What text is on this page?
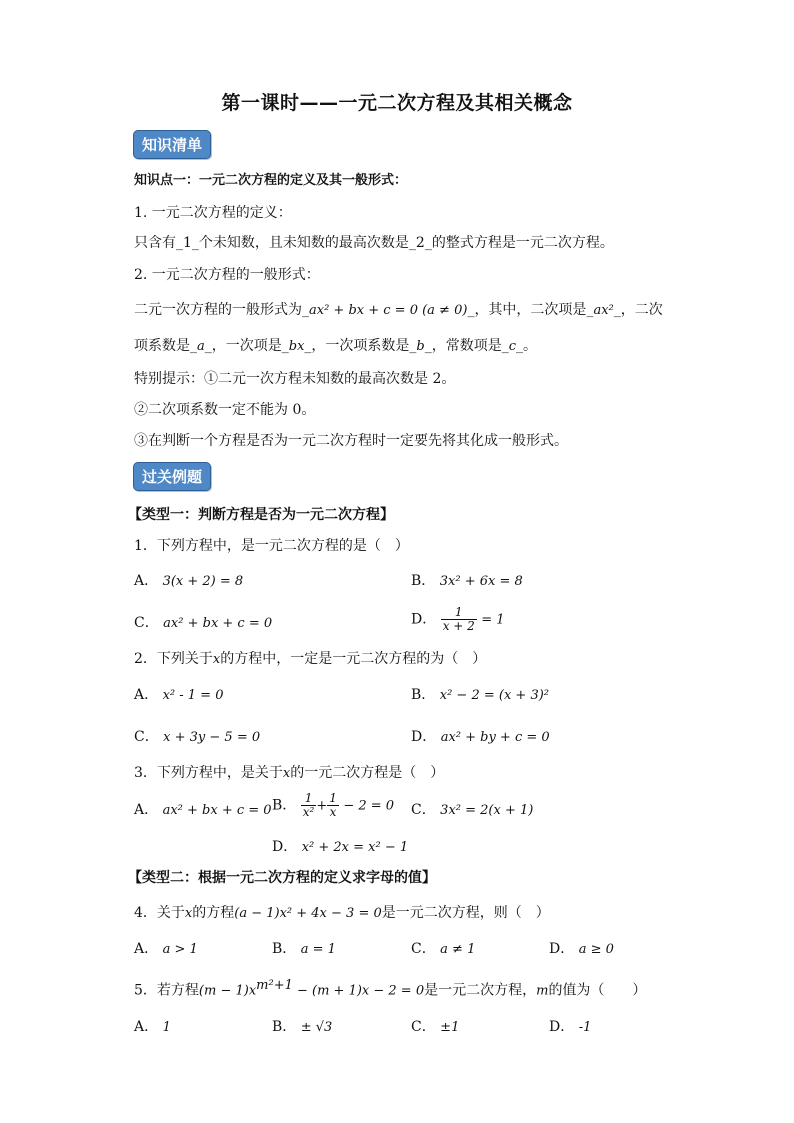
第一课时——一元二次方程及其相关概念
知识清单
知识点一：一元二次方程的定义及其一般形式：
1. 一元二次方程的定义：
只含有_1_个未知数，且未知数的最高次数是_2_的整式方程是一元二次方程。
2. 一元二次方程的一般形式：
二元一次方程的一般形式为_ax² + bx + c = 0 (a ≠ 0)_，其中，二次项是_ax²_，二次
项系数是_a_，一次项是_bx_，一次项系数是_b_，常数项是_c_。
特别提示：①二元一次方程未知数的最高次数是 2。
②二次项系数一定不能为 0。
③在判断一个方程是否为一元二次方程时一定要先将其化成一般形式。
过关例题
【类型一：判断方程是否为一元二次方程】
1．下列方程中，是一元二次方程的是（　）
A． 3(x + 2) = 8	B． 3x² + 6x = 8
C． ax² + bx + c = 0	D． $\frac{1}{x + 2} = 1$
2．下列关于x的方程中，一定是一元二次方程的为（　）
A． x² - 1 = 0	B． x² − 2 = (x + 3)²
C． x + 3y − 5 = 0	D． ax² + by + c = 0
3．下列方程中，是关于x的一元二次方程是（　）
A． ax² + bx + c = 0 B． $\frac{1}{\text{x²}} + \frac{1}{x} - 2 = 0$ C． 3x² = 2(x + 1)
D． x² + 2x = x² − 1
【类型二：根据一元二次方程的定义求字母的值】
4．关于x的方程(a − 1)x² + 4x − 3 = 0是一元二次方程，则（　）
A． a > 1	B． a = 1	C． a ≠ 1	D． a ≥ 0
5．若方程$(m - 1)x^{m^2+1} - (m + 1)x - 2 = 0$是一元二次方程，m的值为（　　）
A． 1	B． ± √3	C． ±1	D． -1
